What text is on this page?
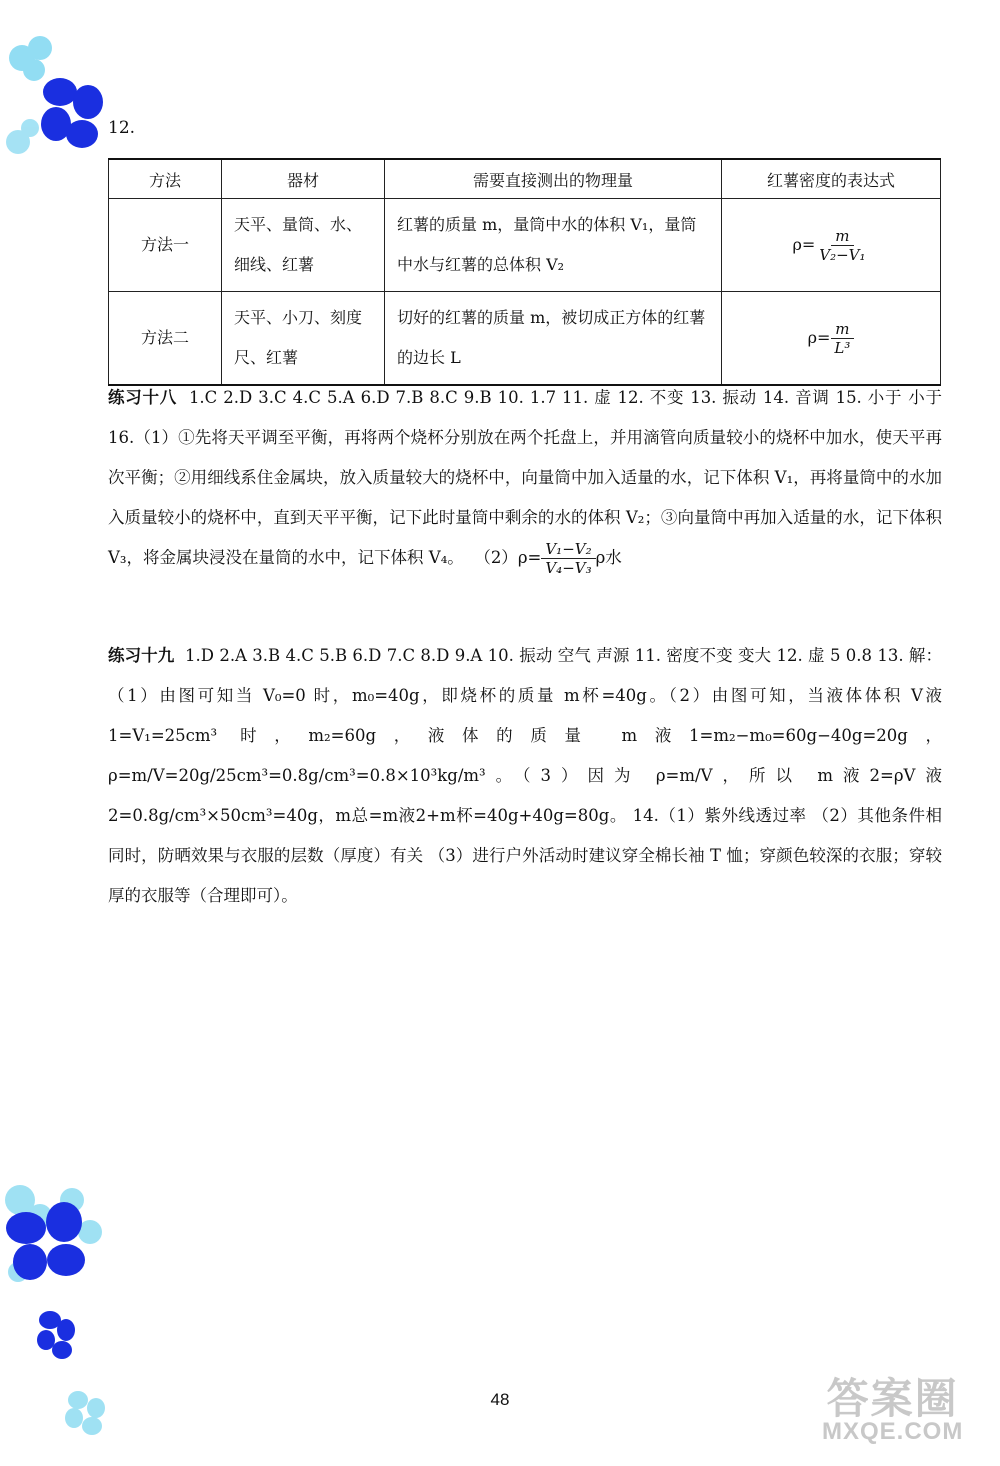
12.
方法	器材	需要直接测出的物理量	红薯密度的表达式
方法一	天平、量筒、水、细线、红薯	红薯的质量 m，量筒中水的体积 V₁，量筒中水与红薯的总体积 V₂	$\rho= \frac{m}{\text{V₂−V₁}}$

方法二	天平、小刀、刻度尺、红薯	切好的红薯的质量 m，被切成正方体的红薯的边长 L	$\rho= \frac{m}{\text{L³}}$
练习十八 1.C 2.D 3.C 4.C 5.A 6.D 7.B 8.C 9.B 10. 1.7 11. 虚 12. 不变 13. 振动 14. 音调 15. 小于 小于 16.（1）①先将天平调至平衡，再将两个烧杯分别放在两个托盘上，并用滴管向质量较小的烧杯中加水，使天平再次平衡；②用细线系住金属块，放入质量较大的烧杯中，向量筒中加入适量的水，记下体积 V₁，再将量筒中的水加入质量较小的烧杯中，直到天平平衡，记下此时量筒中剩余的水的体积 V₂；③向量筒中再加入适量的水，记下体积 V₃，将金属块浸没在量筒的水中，记下体积 V₄。 $(2)\rho= \frac{\text{V₁−V₂}}{\text{V₄−V₃}}$ ρ水
练习十九 1.D 2.A 3.B 4.C 5.B 6.D 7.C 8.D 9.A 10. 振动 空气 声源 11. 密度不变 变大 12. 虚 5 0.8 13. 解：（1）由图可知当 V₀=0 时，m₀=40g，即烧杯的质量 m杯=40g。（2）由图可知，当液体体积 V液1=V₁=25cm³ 时，m₂=60g，液体的质量 m液1=m₂−m₀=60g−40g=20g，ρ=m/V=20g/25cm³=0.8g/cm³=0.8×10³kg/m³。（3）因为 ρ=m/V，所以 m液2=ρV液2=0.8g/cm³×50cm³=40g，m总=m液2+m杯=40g+40g=80g。 14.（1）紫外线透过率 （2）其他条件相同时，防晒效果与衣服的层数（厚度）有关 （3）进行户外活动时建议穿全棉长袖 T 恤；穿颜色较深的衣服；穿较厚的衣服等（合理即可）。
48	答案圈
MXQE.COM
